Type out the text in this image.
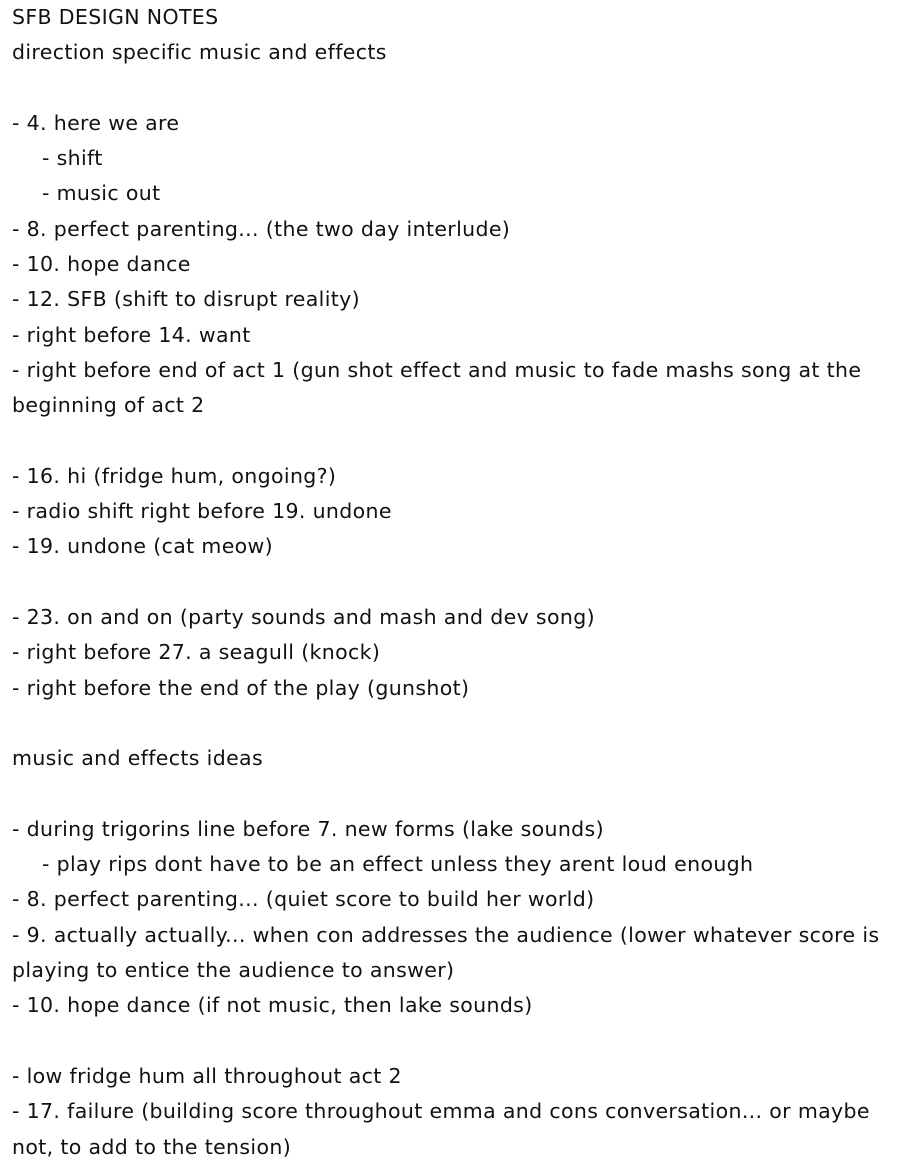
SFB DESIGN NOTES
direction specific music and effects
- 4. here we are
- shift
- music out
- 8. perfect parenting... (the two day interlude)
- 10. hope dance
- 12. SFB (shift to disrupt reality)
- right before 14. want
- right before end of act 1 (gun shot effect and music to fade mashs song at the beginning of act 2
- 16. hi (fridge hum, ongoing?)
- radio shift right before 19. undone
- 19. undone (cat meow)
- 23. on and on (party sounds and mash and dev song)
- right before 27. a seagull (knock)
- right before the end of the play (gunshot)
music and effects ideas
- during trigorins line before 7. new forms (lake sounds)
- play rips dont have to be an effect unless they arent loud enough
- 8. perfect parenting... (quiet score to build her world)
- 9. actually actually... when con addresses the audience (lower whatever score is playing to entice the audience to answer)
- 10. hope dance (if not music, then lake sounds)
- low fridge hum all throughout act 2
- 17. failure (building score throughout emma and cons conversation... or maybe not, to add to the tension)
